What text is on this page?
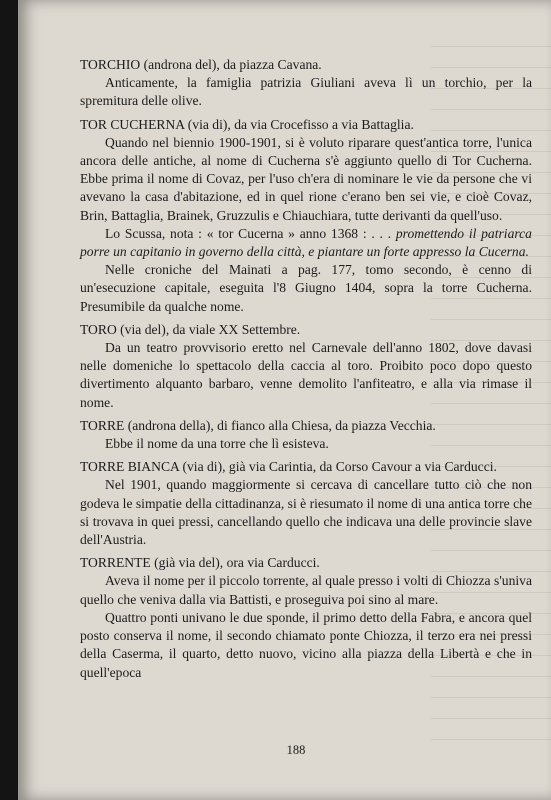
TORCHIO (androna del), da piazza Cavana.

Anticamente, la famiglia patrizia Giuliani aveva lì un torchio, per la spremitura delle olive.

TOR CUCHERNA (via di), da via Crocefisso a via Battaglia.

Quando nel biennio 1900-1901, si è voluto riparare quest'antica torre, l'unica ancora delle antiche, al nome di Cucherna s'è aggiunto quello di Tor Cucherna. Ebbe prima il nome di Covaz, per l'uso ch'era di nominare le vie da persone che vi avevano la casa d'abitazione, ed in quel rione c'erano ben sei vie, e cioè Covaz, Brin, Battaglia, Brainek, Gruzzulis e Chiauchiara, tutte derivanti da quell'uso.

Lo Scussa, nota : « tor Cucerna » anno 1368 : . . . promettendo il patriarca porre un capitanio in governo della città, e piantare un forte appresso la Cucerna.

Nelle croniche del Mainati a pag. 177, tomo secondo, è cenno di un'esecuzione capitale, eseguita l'8 Giugno 1404, sopra la torre Cucherna. Presumibile da qualche nome.

TORO (via del), da viale XX Settembre.

Da un teatro provvisorio eretto nel Carnevale dell'anno 1802, dove davasi nelle domeniche lo spettacolo della caccia al toro. Proibito poco dopo questo divertimento alquanto barbaro, venne demolito l'anfiteatro, e alla via rimase il nome.

TORRE (androna della), di fianco alla Chiesa, da piazza Vecchia.

Ebbe il nome da una torre che lì esisteva.

TORRE BIANCA (via di), già via Carintia, da Corso Cavour a via Carducci.

Nel 1901, quando maggiormente si cercava di cancellare tutto ciò che non godeva le simpatie della cittadinanza, si è riesumato il nome di una antica torre che si trovava in quei pressi, cancellando quello che indicava una delle provincie slave dell'Austria.

TORRENTE (già via del), ora via Carducci.

Aveva il nome per il piccolo torrente, al quale presso i volti di Chiozza s'univa quello che veniva dalla via Battisti, e proseguiva poi sino al mare.

Quattro ponti univano le due sponde, il primo detto della Fabra, e ancora quel posto conserva il nome, il secondo chiamato ponte Chiozza, il terzo era nei pressi della Caserma, il quarto, detto nuovo, vicino alla piazza della Libertà e che in quell'epoca

188
